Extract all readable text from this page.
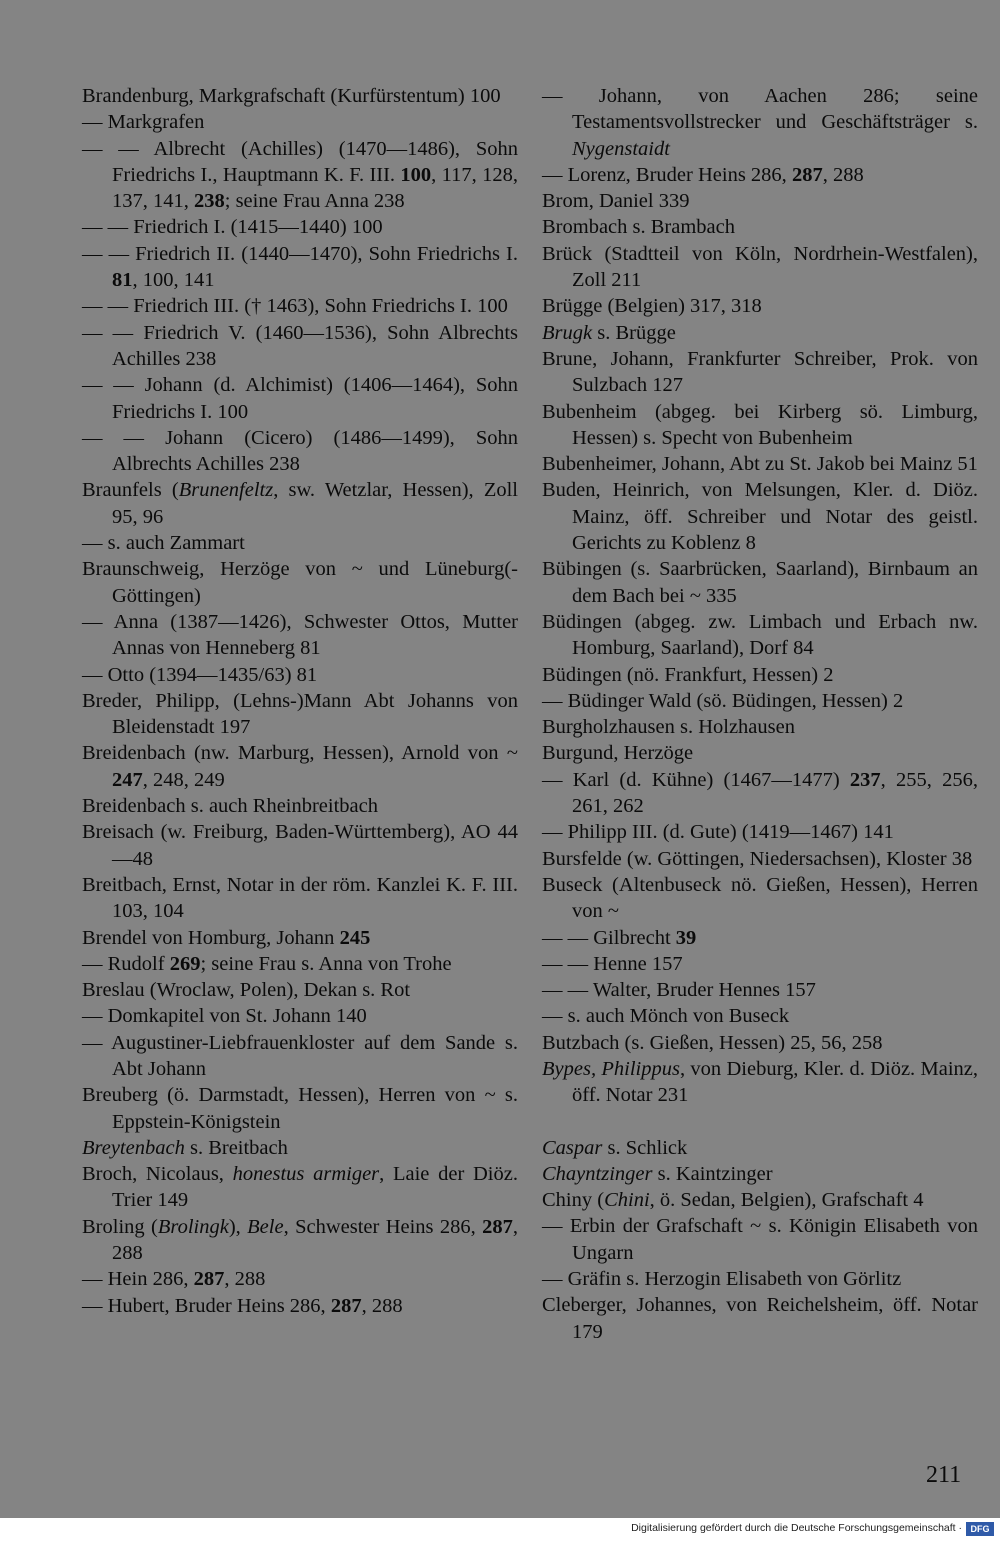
Brandenburg, Markgrafschaft (Kurfürstentum) 100
— Markgrafen
— — Albrecht (Achilles) (1470—1486), Sohn Friedrichs I., Hauptmann K. F. III. 100, 117, 128, 137, 141, 238; seine Frau Anna 238
— — Friedrich I. (1415—1440) 100
— — Friedrich II. (1440—1470), Sohn Friedrichs I. 81, 100, 141
— — Friedrich III. († 1463), Sohn Friedrichs I. 100
— — Friedrich V. (1460—1536), Sohn Albrechts Achilles 238
— — Johann (d. Alchimist) (1406—1464), Sohn Friedrichs I. 100
— — Johann (Cicero) (1486—1499), Sohn Albrechts Achilles 238
Braunfels (Brunenfeltz, sw. Wetzlar, Hessen), Zoll 95, 96
— s. auch Zammart
Braunschweig, Herzöge von ~ und Lüneburg(-Göttingen)
— Anna (1387—1426), Schwester Ottos, Mutter Annas von Henneberg 81
— Otto (1394—1435/63) 81
Breder, Philipp, (Lehns-)Mann Abt Johanns von Bleidenstadt 197
Breidenbach (nw. Marburg, Hessen), Arnold von ~ 247, 248, 249
Breidenbach s. auch Rheinbreitbach
Breisach (w. Freiburg, Baden-Württemberg), AO 44—48
Breitbach, Ernst, Notar in der röm. Kanzlei K. F. III. 103, 104
Brendel von Homburg, Johann 245
— Rudolf 269; seine Frau s. Anna von Trohe
Breslau (Wroclaw, Polen), Dekan s. Rot
— Domkapitel von St. Johann 140
— Augustiner-Liebfrauenkloster auf dem Sande s. Abt Johann
Breuberg (ö. Darmstadt, Hessen), Herren von ~ s. Eppstein-Königstein
Breytenbach s. Breitbach
Broch, Nicolaus, honestus armiger, Laie der Diöz. Trier 149
Broling (Brolingk), Bele, Schwester Heins 286, 287, 288
— Hein 286, 287, 288
— Hubert, Bruder Heins 286, 287, 288
— Johann, von Aachen 286; seine Testamentsvollstrecker und Geschäftsträger s. Nygenstaidt
— Lorenz, Bruder Heins 286, 287, 288
Brom, Daniel 339
Brombach s. Brambach
Brück (Stadtteil von Köln, Nordrhein-Westfalen), Zoll 211
Brügge (Belgien) 317, 318
Brugk s. Brügge
Brune, Johann, Frankfurter Schreiber, Prok. von Sulzbach 127
Bubenheim (abgeg. bei Kirberg sö. Limburg, Hessen) s. Specht von Bubenheim
Bubenheimer, Johann, Abt zu St. Jakob bei Mainz 51
Buden, Heinrich, von Melsungen, Kler. d. Diöz. Mainz, öff. Schreiber und Notar des geistl. Gerichts zu Koblenz 8
Bübingen (s. Saarbrücken, Saarland), Birnbaum an dem Bach bei ~ 335
Büdingen (abgeg. zw. Limbach und Erbach nw. Homburg, Saarland), Dorf 84
Büdingen (nö. Frankfurt, Hessen) 2
— Büdinger Wald (sö. Büdingen, Hessen) 2
Burgholzhausen s. Holzhausen
Burgund, Herzöge
— Karl (d. Kühne) (1467—1477) 237, 255, 256, 261, 262
— Philipp III. (d. Gute) (1419—1467) 141
Bursfelde (w. Göttingen, Niedersachsen), Kloster 38
Buseck (Altenbuseck nö. Gießen, Hessen), Herren von ~
— — Gilbrecht 39
— — Henne 157
— — Walter, Bruder Hennes 157
— s. auch Mönch von Buseck
Butzbach (s. Gießen, Hessen) 25, 56, 258
Bypes, Philippus, von Dieburg, Kler. d. Diöz. Mainz, öff. Notar 231
Caspar s. Schlick
Chayntzinger s. Kaintzinger
Chiny (Chini, ö. Sedan, Belgien), Grafschaft 4
— Erbin der Grafschaft ~ s. Königin Elisabeth von Ungarn
— Gräfin s. Herzogin Elisabeth von Görlitz
Cleberger, Johannes, von Reichelsheim, öff. Notar 179
211
Digitalisierung gefördert durch die Deutsche Forschungsgemeinschaft · DFG
